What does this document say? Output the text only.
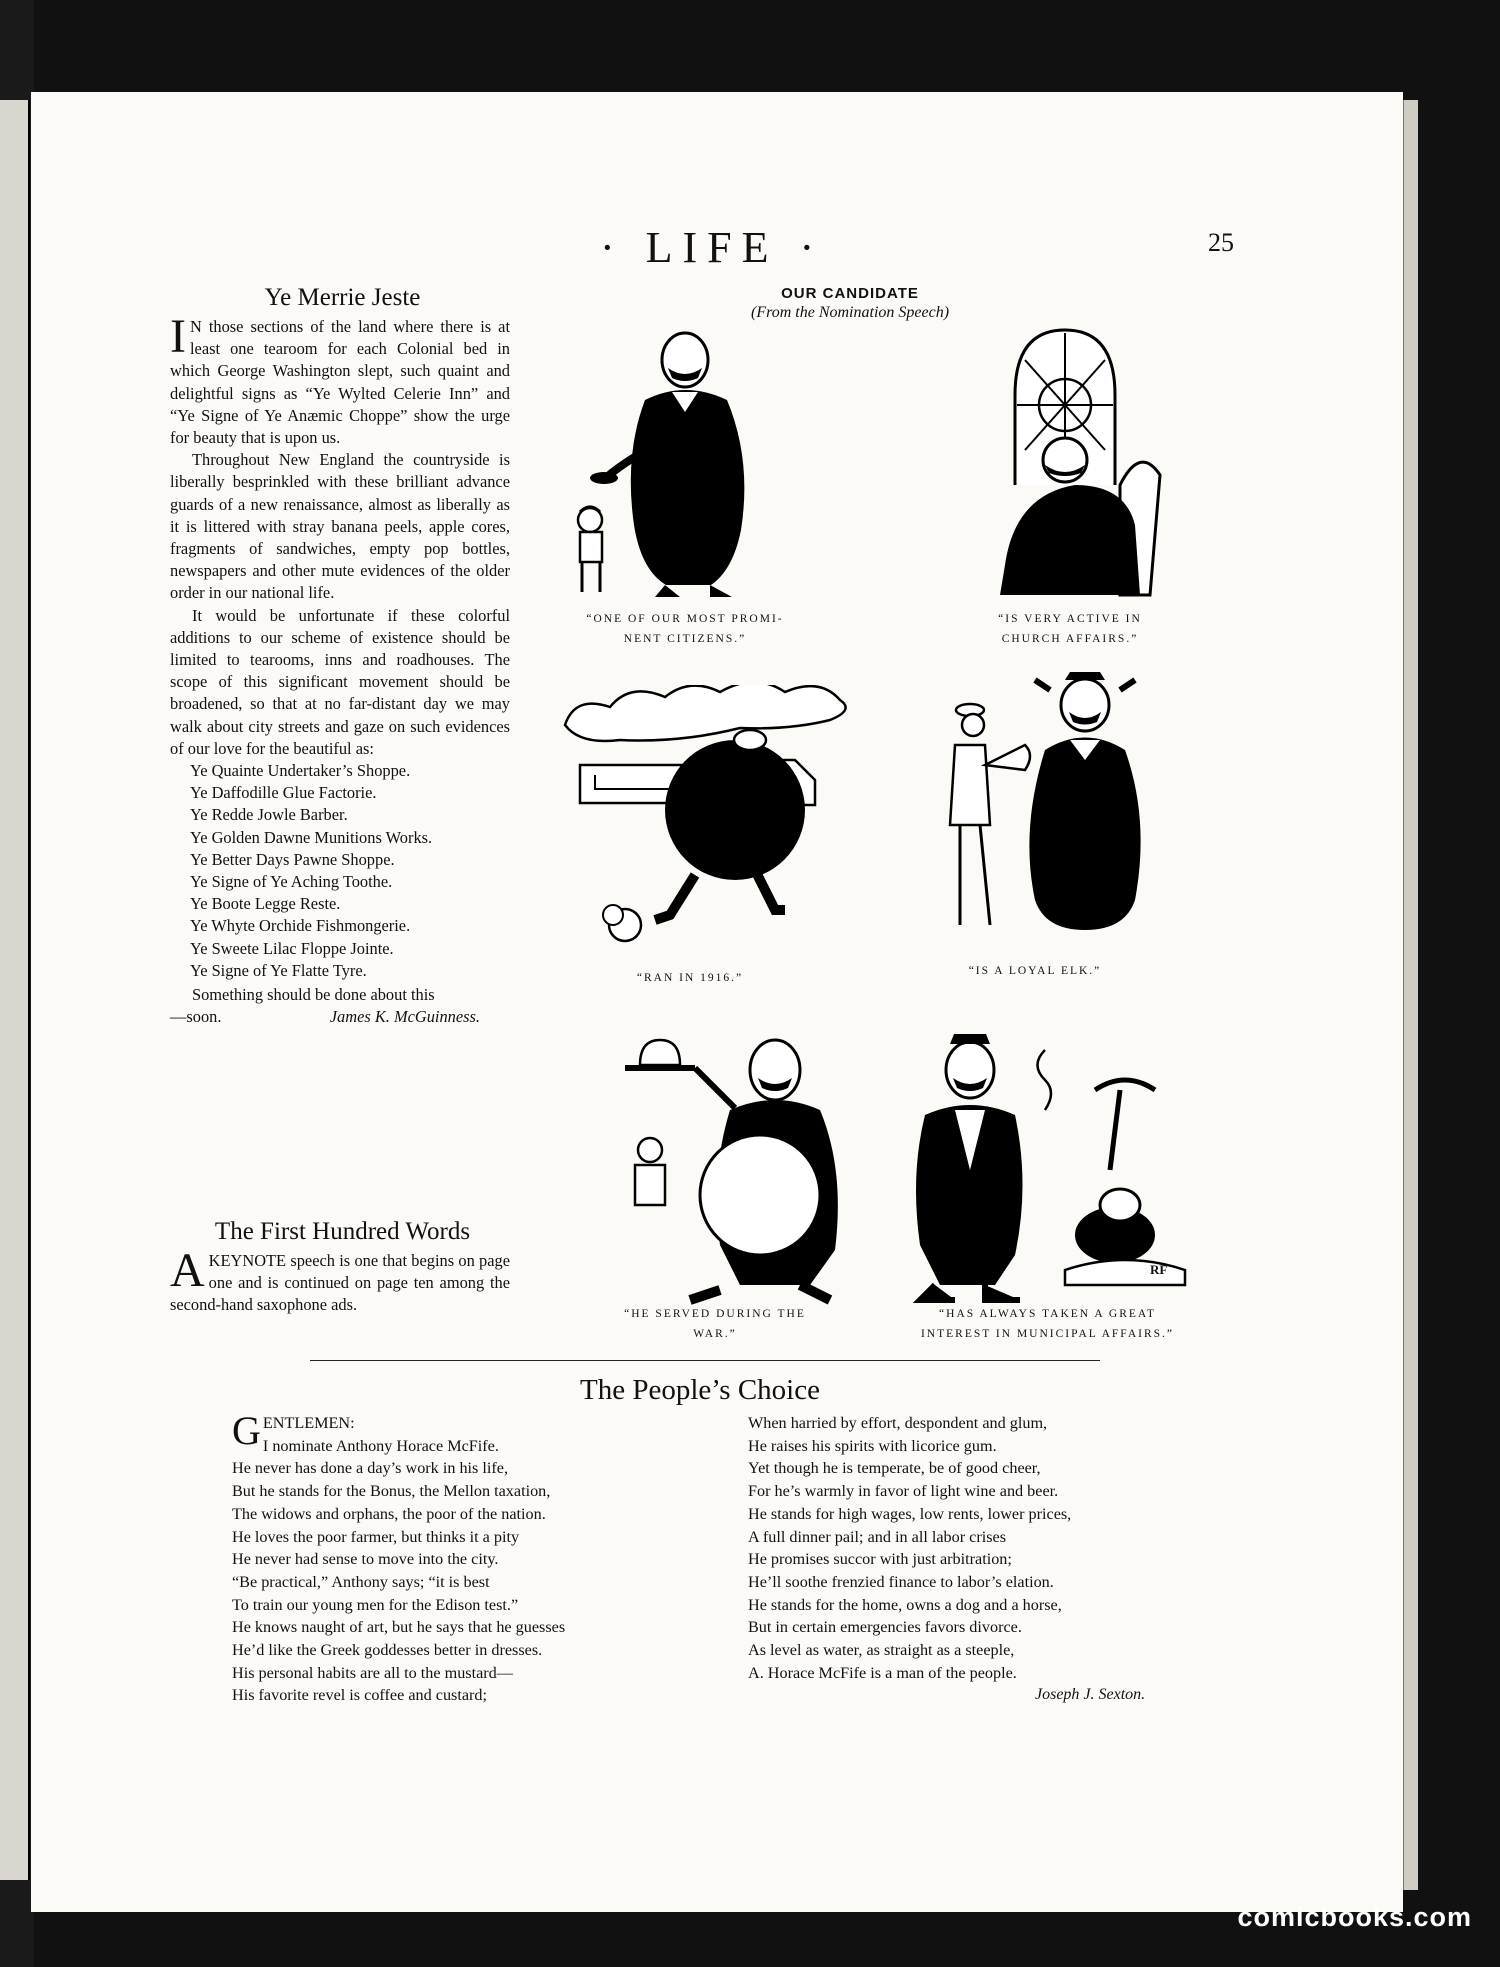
· LIFE ·	25
Ye Merrie Jeste

I N those sections of the land where there is at least one tearoom for each Colonial bed in which George Washington slept, such quaint and delightful signs as “Ye Wylted Celerie Inn” and “Ye Signe of Ye Anæmic Choppe” show the urge for beauty that is upon us.

Throughout New England the countryside is liberally besprinkled with these brilliant advance guards of a new renaissance, almost as liberally as it is littered with stray banana peels, apple cores, fragments of sandwiches, empty pop bottles, newspapers and other mute evidences of the older order in our national life.

It would be unfortunate if these colorful additions to our scheme of existence should be limited to tearooms, inns and roadhouses. The scope of this significant movement should be broadened, so that at no far-distant day we may walk about city streets and gaze on such evidences of our love for the beautiful as:

Ye Quainte Undertaker’s Shoppe.
Ye Daffodille Glue Factorie.
Ye Redde Jowle Barber.
Ye Golden Dawne Munitions Works.
Ye Better Days Pawne Shoppe.
Ye Signe of Ye Aching Toothe.
Ye Boote Legge Reste.
Ye Whyte Orchide Fishmongerie.
Ye Sweete Lilac Floppe Jointe.
Ye Signe of Ye Flatte Tyre.

Something should be done about this

—soon.	James K. McGuinness.
The First Hundred Words

A KEYNOTE speech is one that begins on page one and is continued on page ten among the second-hand saxophone ads.

OUR CANDIDATE
(From the Nomination Speech)
“ONE OF OUR MOST PROMI-
NENT CITIZENS.”
“IS VERY ACTIVE IN
CHURCH AFFAIRS.”
“RAN IN 1916.”
“IS A LOYAL ELK.”
“HE SERVED DURING THE
WAR.”
RF
“HAS ALWAYS TAKEN A GREAT
INTEREST IN MUNICIPAL AFFAIRS.”
The People’s Choice
GENTLEMEN:
I nominate Anthony Horace McFife.
He never has done a day’s work in his life,
But he stands for the Bonus, the Mellon taxation,
The widows and orphans, the poor of the nation.
He loves the poor farmer, but thinks it a pity
He never had sense to move into the city.
“Be practical,” Anthony says; “it is best
To train our young men for the Edison test.”
He knows naught of art, but he says that he guesses
He’d like the Greek goddesses better in dresses.
His personal habits are all to the mustard—
His favorite revel is coffee and custard;
When harried by effort, despondent and glum,
He raises his spirits with licorice gum.
Yet though he is temperate, be of good cheer,
For he’s warmly in favor of light wine and beer.
He stands for high wages, low rents, lower prices,
A full dinner pail; and in all labor crises
He promises succor with just arbitration;
He’ll soothe frenzied finance to labor’s elation.
He stands for the home, owns a dog and a horse,
But in certain emergencies favors divorce.
As level as water, as straight as a steeple,
A. Horace McFife is a man of the people.
Joseph J. Sexton.
comicbooks.com
